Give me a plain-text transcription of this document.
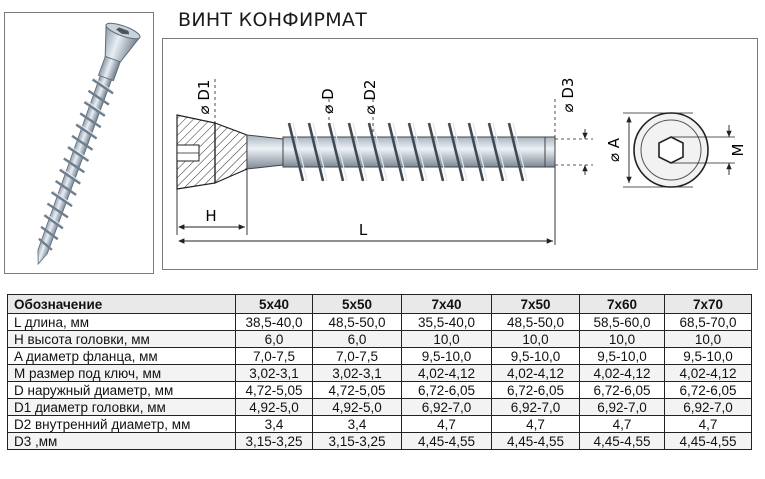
ВИНТ КОНФИРМАТ
⌀ D1	⌀ D ⌀ D2	⌀ D3
H
L
⌀ A	M
Обозначение	5x40	5x50	7x40	7x50	7x60	7x70
L длина, мм	38,5-40,0	48,5-50,0	35,5-40,0	48,5-50,0	58,5-60,0	68,5-70,0
H высота головки, мм	6,0	6,0	10,0	10,0	10,0	10,0
A диаметр фланца, мм	7,0-7,5	7,0-7,5	9,5-10,0	9,5-10,0	9,5-10,0	9,5-10,0
M размер под ключ, мм	3,02-3,1	3,02-3,1	4,02-4,12	4,02-4,12	4,02-4,12	4,02-4,12
D наружный диаметр, мм	4,72-5,05	4,72-5,05	6,72-6,05	6,72-6,05	6,72-6,05	6,72-6,05
D1 диаметр головки, мм	4,92-5,0	4,92-5,0	6,92-7,0	6,92-7,0	6,92-7,0	6,92-7,0
D2 внутренний диаметр, мм	3,4	3,4	4,7	4,7	4,7	4,7
D3 ,мм	3,15-3,25	3,15-3,25	4,45-4,55	4,45-4,55	4,45-4,55	4,45-4,55
